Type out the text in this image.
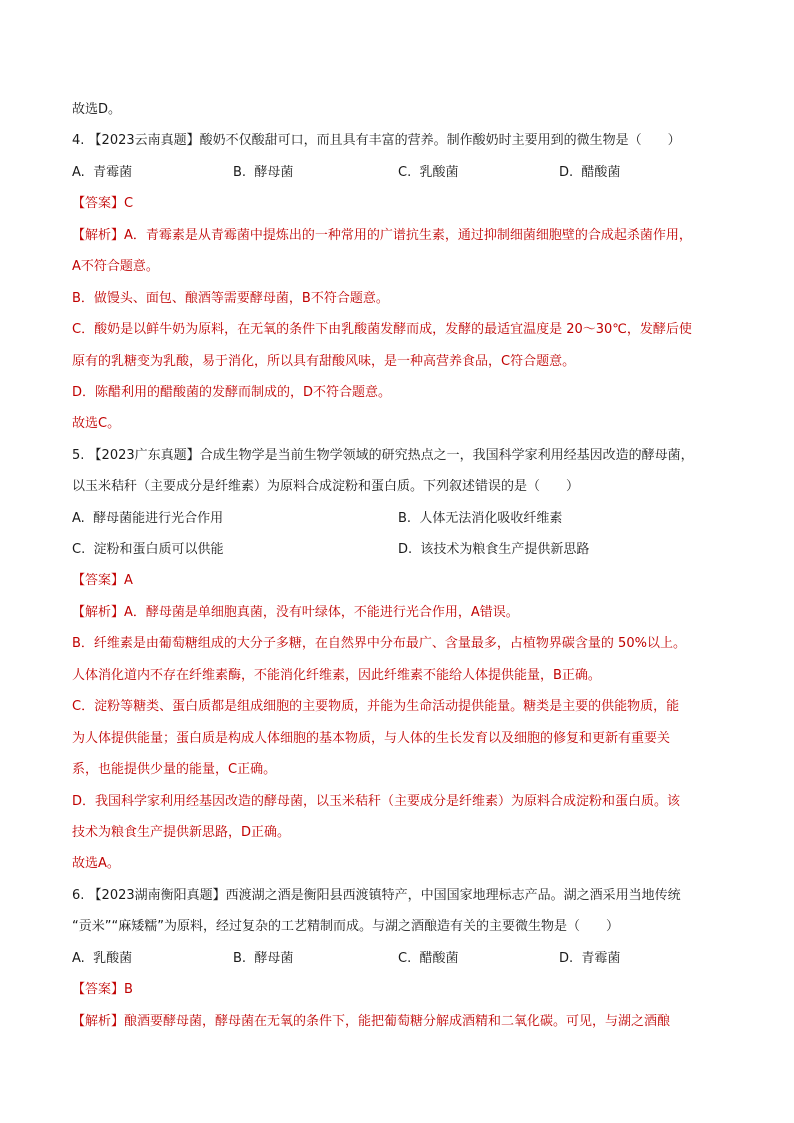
故选D。
4. 【2023云南真题】酸奶不仅酸甜可口，而且具有丰富的营养。制作酸奶时主要用到的微生物是（　　）
A. 青霉菌	B. 酵母菌	C. 乳酸菌	D. 醋酸菌
【答案】C
【解析】A．青霉素是从青霉菌中提炼出的一种常用的广谱抗生素，通过抑制细菌细胞壁的合成起杀菌作用，
A不符合题意。
B．做馒头、面包、酿酒等需要酵母菌，B不符合题意。
C．酸奶是以鲜牛奶为原料，在无氧的条件下由乳酸菌发酵而成，发酵的最适宜温度是 20～30℃，发酵后使
原有的乳糖变为乳酸，易于消化，所以具有甜酸风味，是一种高营养食品，C符合题意。
D．陈醋利用的醋酸菌的发酵而制成的，D不符合题意。
故选C。
5. 【2023广东真题】合成生物学是当前生物学领域的研究热点之一，我国科学家利用经基因改造的酵母菌，
以玉米秸秆（主要成分是纤维素）为原料合成淀粉和蛋白质。下列叙述错误的是（　　）
A. 酵母菌能进行光合作用	B. 人体无法消化吸收纤维素
C. 淀粉和蛋白质可以供能	D. 该技术为粮食生产提供新思路
【答案】A
【解析】A．酵母菌是单细胞真菌，没有叶绿体，不能进行光合作用，A错误。
B．纤维素是由葡萄糖组成的大分子多糖，在自然界中分布最广、含量最多，占植物界碳含量的 50%以上。
人体消化道内不存在纤维素酶，不能消化纤维素，因此纤维素不能给人体提供能量，B正确。
C．淀粉等糖类、蛋白质都是组成细胞的主要物质，并能为生命活动提供能量。糖类是主要的供能物质，能
为人体提供能量；蛋白质是构成人体细胞的基本物质，与人体的生长发育以及细胞的修复和更新有重要关
系，也能提供少量的能量，C正确。
D．我国科学家利用经基因改造的酵母菌，以玉米秸秆（主要成分是纤维素）为原料合成淀粉和蛋白质。该
技术为粮食生产提供新思路，D正确。
故选A。
6. 【2023湖南衡阳真题】西渡湖之酒是衡阳县西渡镇特产，中国国家地理标志产品。湖之酒采用当地传统
“贡米”“麻矮糯”为原料，经过复杂的工艺精制而成。与湖之酒酿造有关的主要微生物是（　　）
A. 乳酸菌	B. 酵母菌	C. 醋酸菌	D. 青霉菌
【答案】B
【解析】酿酒要酵母菌，酵母菌在无氧的条件下，能把葡萄糖分解成酒精和二氧化碳。可见，与湖之酒酿
